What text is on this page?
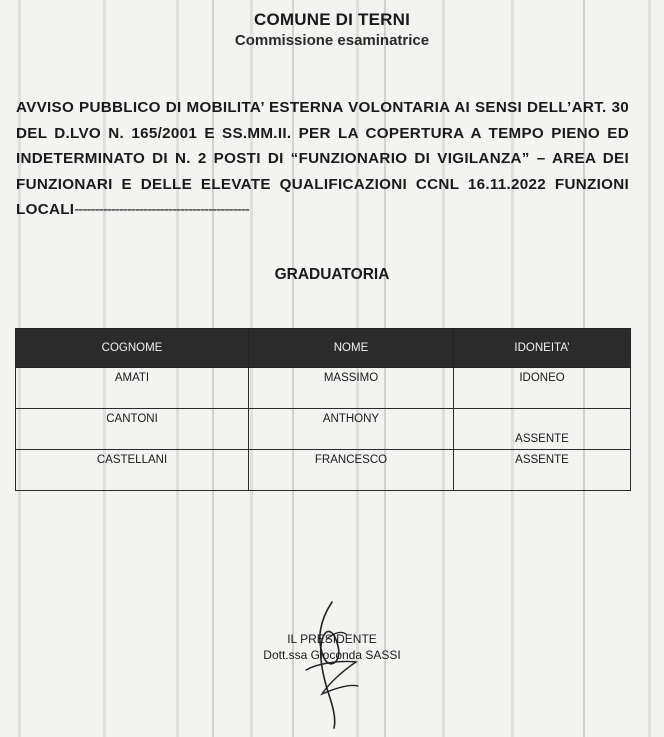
COMUNE DI TERNI
Commissione esaminatrice
AVVISO PUBBLICO DI MOBILITA’ ESTERNA VOLONTARIA AI SENSI DELL’ART. 30 DEL D.LVO N. 165/2001 E SS.MM.II. PER LA COPERTURA A TEMPO PIENO ED INDETERMINATO DI N. 2 POSTI DI “FUNZIONARIO DI VIGILANZA” – AREA DEI FUNZIONARI E DELLE ELEVATE QUALIFICAZIONI CCNL 16.11.2022 FUNZIONI LOCALI-------------------------------------------
GRADUATORIA
COGNOME	NOME	IDONEITA’

AMATI	MASSIMO	IDONEO

CANTONI	ANTHONY	ASSENTE

CASTELLANI	FRANCESCO	ASSENTE
IL PRESIDENTE
Dott.ssa Gioconda SASSI
